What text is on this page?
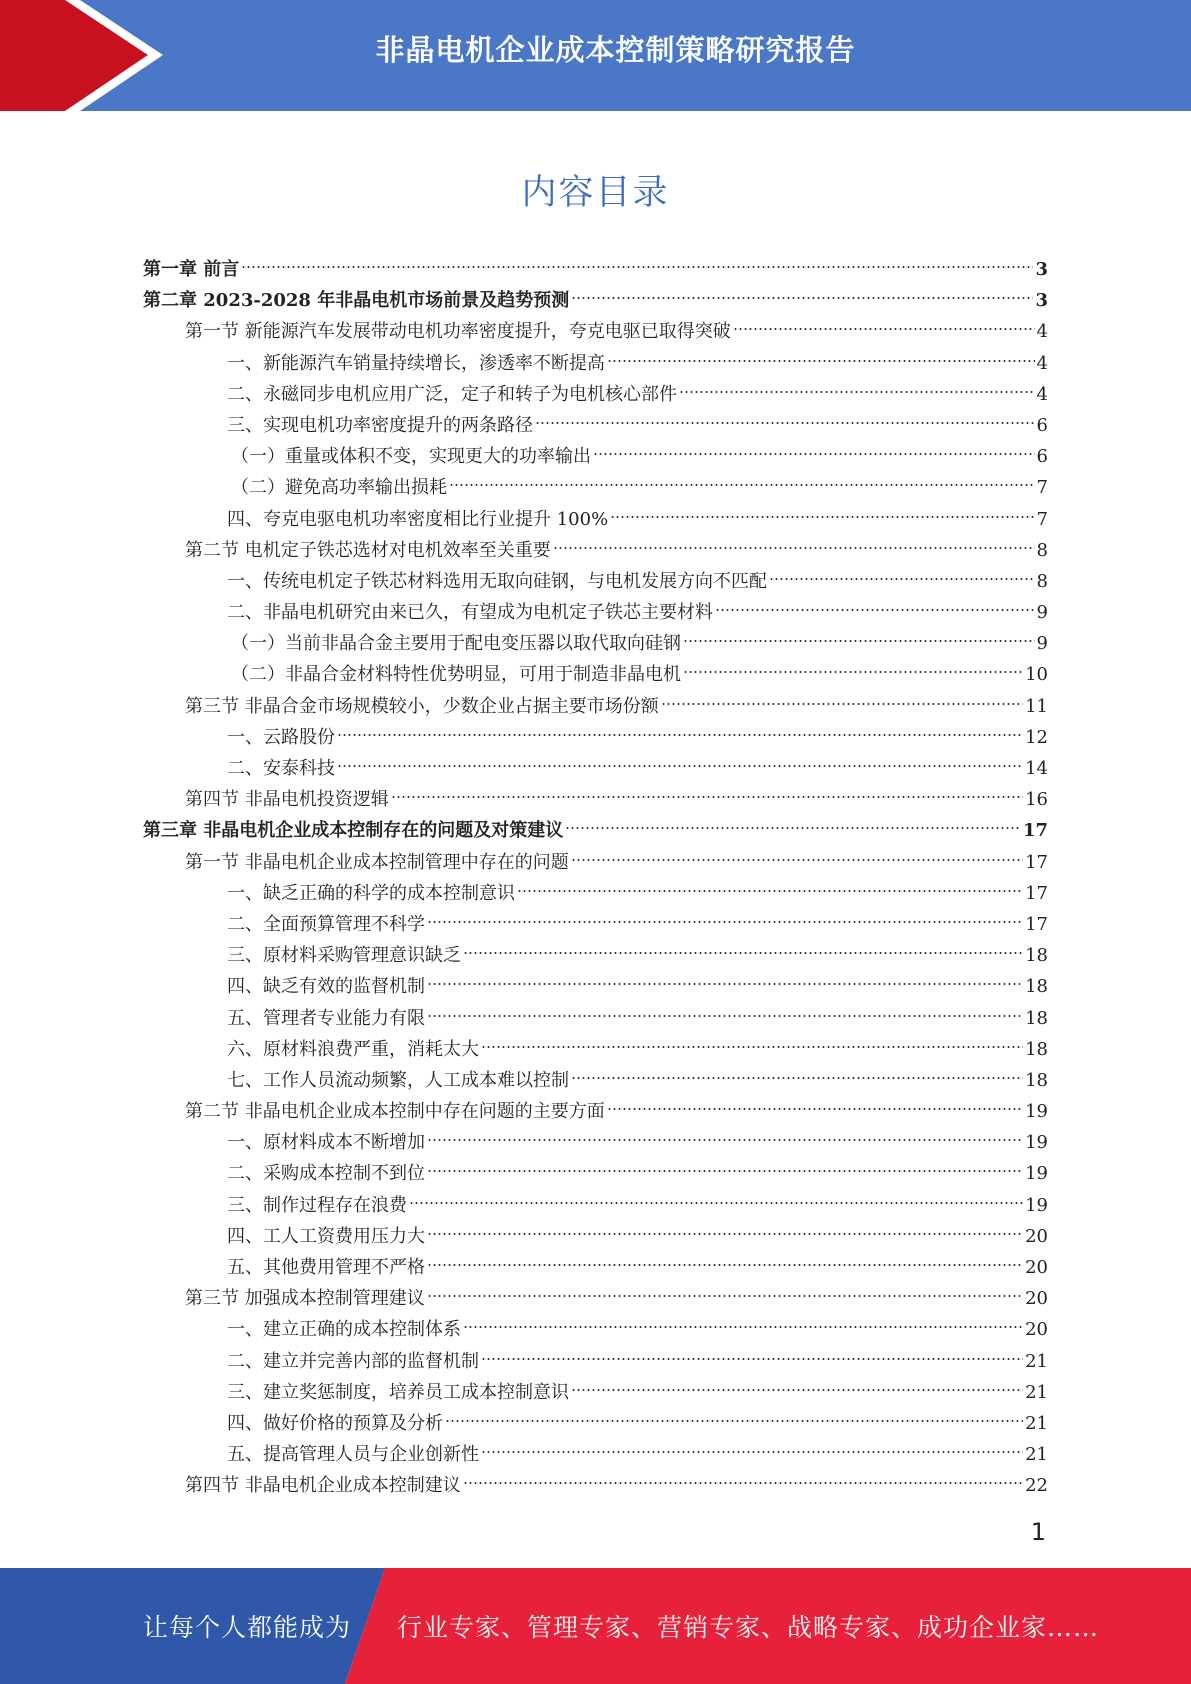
非晶电机企业成本控制策略研究报告
内容目录
第一章 前言	3
第二章 2023-2028 年非晶电机市场前景及趋势预测	3
第一节 新能源汽车发展带动电机功率密度提升，夸克电驱已取得突破	4
一、新能源汽车销量持续增长，渗透率不断提高	4
二、永磁同步电机应用广泛，定子和转子为电机核心部件	4
三、实现电机功率密度提升的两条路径	6
（一）重量或体积不变，实现更大的功率输出	6
（二）避免高功率输出损耗	7
四、夸克电驱电机功率密度相比行业提升 100%	7
第二节 电机定子铁芯选材对电机效率至关重要	8
一、传统电机定子铁芯材料选用无取向硅钢，与电机发展方向不匹配	8
二、非晶电机研究由来已久，有望成为电机定子铁芯主要材料	9
（一）当前非晶合金主要用于配电变压器以取代取向硅钢	9
（二）非晶合金材料特性优势明显，可用于制造非晶电机	10
第三节 非晶合金市场规模较小，少数企业占据主要市场份额	11
一、云路股份	12
二、安泰科技	14
第四节 非晶电机投资逻辑	16
第三章 非晶电机企业成本控制存在的问题及对策建议	17
第一节 非晶电机企业成本控制管理中存在的问题	17
一、缺乏正确的科学的成本控制意识	17
二、全面预算管理不科学	17
三、原材料采购管理意识缺乏	18
四、缺乏有效的监督机制	18
五、管理者专业能力有限	18
六、原材料浪费严重，消耗太大	18
七、工作人员流动频繁，人工成本难以控制	18
第二节 非晶电机企业成本控制中存在问题的主要方面	19
一、原材料成本不断增加	19
二、采购成本控制不到位	19
三、制作过程存在浪费	19
四、工人工资费用压力大	20
五、其他费用管理不严格	20
第三节 加强成本控制管理建议	20
一、建立正确的成本控制体系	20
二、建立并完善内部的监督机制	21
三、建立奖惩制度，培养员工成本控制意识	21
四、做好价格的预算及分析	21
五、提高管理人员与企业创新性	21
第四节 非晶电机企业成本控制建议	22
1
让每个人都能成为 行业专家、管理专家、营销专家、战略专家、成功企业家……
